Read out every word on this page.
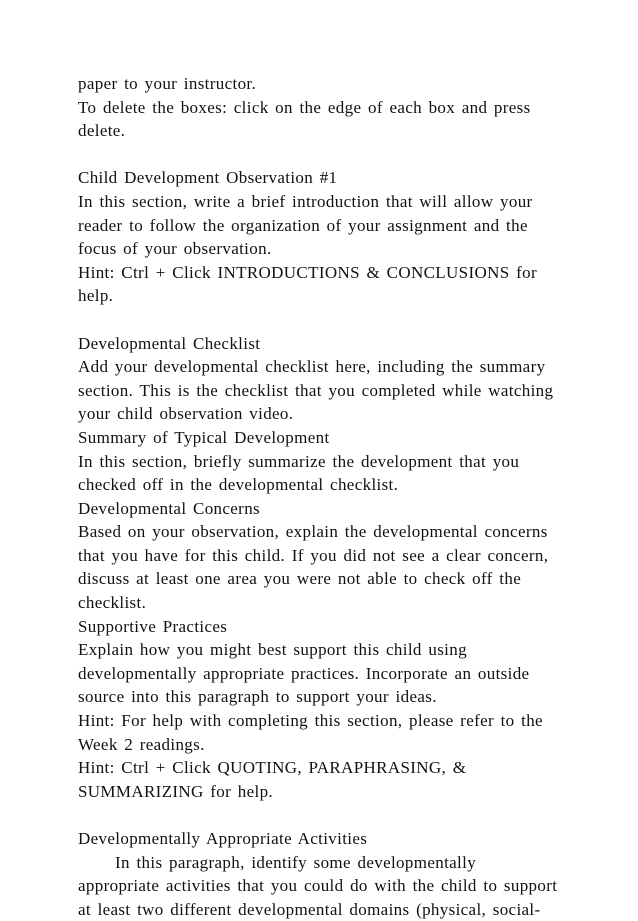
paper to your instructor.
To delete the boxes: click on the edge of each box and press
delete.
Child Development Observation #1
In this section, write a brief introduction that will allow your
reader to follow the organization of your assignment and the
focus of your observation.
Hint: Ctrl + Click INTRODUCTIONS & CONCLUSIONS for
help.
Developmental Checklist
Add your developmental checklist here, including the summary
section. This is the checklist that you completed while watching
your child observation video.
Summary of Typical Development
In this section, briefly summarize the development that you
checked off in the developmental checklist.
Developmental Concerns
Based on your observation, explain the developmental concerns
that you have for this child. If you did not see a clear concern,
discuss at least one area you were not able to check off the
checklist.
Supportive Practices
Explain how you might best support this child using
developmentally appropriate practices. Incorporate an outside
source into this paragraph to support your ideas.
Hint: For help with completing this section, please refer to the
Week 2 readings.
Hint: Ctrl + Click QUOTING, PARAPHRASING, &
SUMMARIZING for help.
Developmentally Appropriate Activities
In this paragraph, identify some developmentally
appropriate activities that you could do with the child to support
at least two different developmental domains (physical, social-
